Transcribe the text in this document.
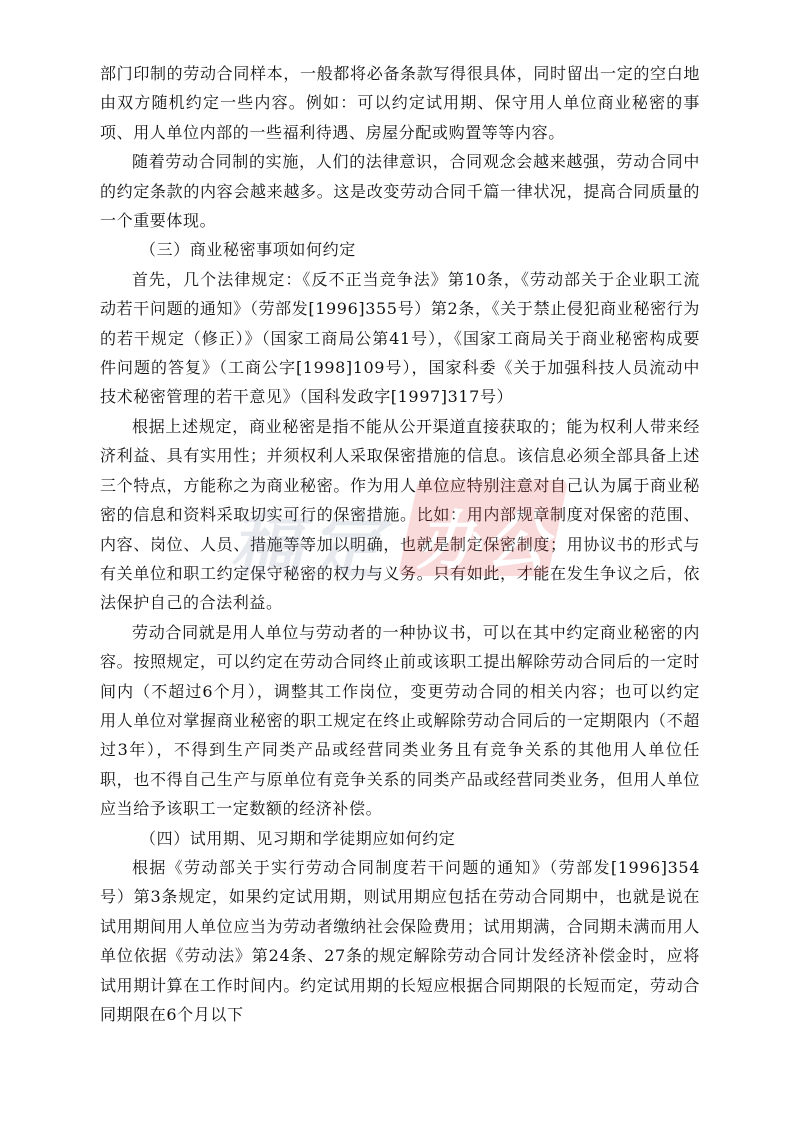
部门印制的劳动合同样本，一般都将必备条款写得很具体，同时留出一定的空白地由双方随机约定一些内容。例如：可以约定试用期、保守用人单位商业秘密的事项、用人单位内部的一些福利待遇、房屋分配或购置等等内容。

随着劳动合同制的实施，人们的法律意识，合同观念会越来越强，劳动合同中的约定条款的内容会越来越多。这是改变劳动合同千篇一律状况，提高合同质量的一个重要体现。

（三）商业秘密事项如何约定

首先，几个法律规定：《反不正当竞争法》第10条，《劳动部关于企业职工流动若干问题的通知》（劳部发[1996]355号）第2条，《关于禁止侵犯商业秘密行为的若干规定（修正）》（国家工商局公第41号），《国家工商局关于商业秘密构成要件问题的答复》（工商公字[1998]109号），国家科委《关于加强科技人员流动中技术秘密管理的若干意见》（国科发政字[1997]317号）

根据上述规定，商业秘密是指不能从公开渠道直接获取的；能为权利人带来经济利益、具有实用性；并须权利人采取保密措施的信息。该信息必须全部具备上述三个特点，方能称之为商业秘密。作为用人单位应特别注意对自己认为属于商业秘密的信息和资料采取切实可行的保密措施。比如：用内部规章制度对保密的范围、内容、岗位、人员、措施等等加以明确，也就是制定保密制度；用协议书的形式与有关单位和职工约定保守秘密的权力与义务。只有如此，才能在发生争议之后，依法保护自己的合法利益。

劳动合同就是用人单位与劳动者的一种协议书，可以在其中约定商业秘密的内容。按照规定，可以约定在劳动合同终止前或该职工提出解除劳动合同后的一定时间内（不超过6个月），调整其工作岗位，变更劳动合同的相关内容；也可以约定用人单位对掌握商业秘密的职工规定在终止或解除劳动合同后的一定期限内（不超过3年），不得到生产同类产品或经营同类业务且有竞争关系的其他用人单位任职，也不得自己生产与原单位有竞争关系的同类产品或经营同类业务，但用人单位应当给予该职工一定数额的经济补偿。

（四）试用期、见习期和学徒期应如何约定

根据《劳动部关于实行劳动合同制度若干问题的通知》（劳部发[1996]354号）第3条规定，如果约定试用期，则试用期应包括在劳动合同期中，也就是说在试用期间用人单位应当为劳动者缴纳社会保险费用；试用期满，合同期未满而用人单位依据《劳动法》第24条、27条的规定解除劳动合同计发经济补偿金时，应将试用期计算在工作时间内。约定试用期的长短应根据合同期限的长短而定，劳动合同期限在6个月以下

稿定 办公
